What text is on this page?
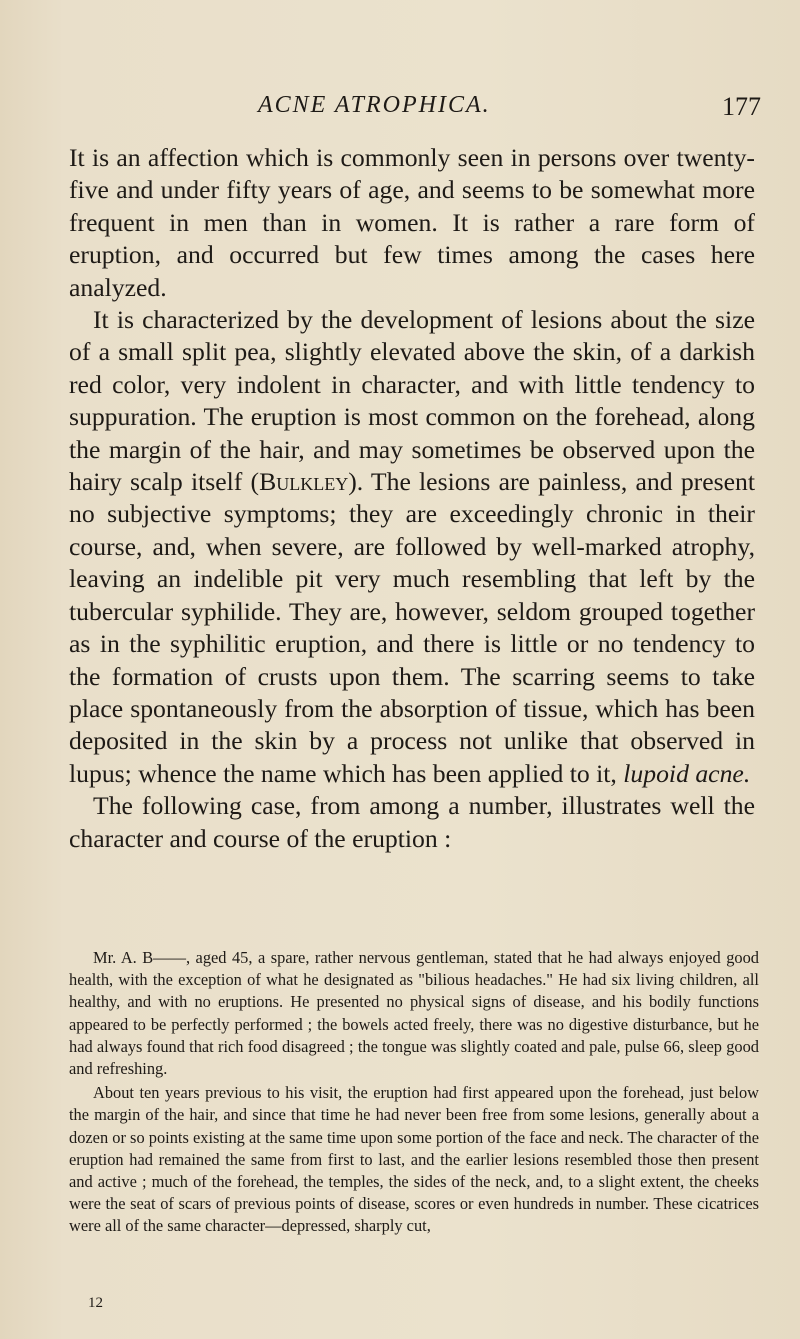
ACNE ATROPHICA.	177

It is an affection which is commonly seen in persons over twenty-five and under fifty years of age, and seems to be somewhat more frequent in men than in women. It is rather a rare form of eruption, and occurred but few times among the cases here analyzed.

It is characterized by the development of lesions about the size of a small split pea, slightly elevated above the skin, of a darkish red color, very indolent in character, and with little tendency to suppuration. The eruption is most common on the forehead, along the margin of the hair, and may sometimes be observed upon the hairy scalp itself (Bulkley). The lesions are painless, and present no subjective symptoms; they are exceedingly chronic in their course, and, when severe, are followed by well-marked atrophy, leaving an indelible pit very much resembling that left by the tubercular syphilide. They are, however, seldom grouped together as in the syphilitic eruption, and there is little or no tendency to the formation of crusts upon them. The scarring seems to take place spontaneously from the absorption of tissue, which has been deposited in the skin by a process not unlike that observed in lupus; whence the name which has been applied to it, lupoid acne.

The following case, from among a number, illustrates well the character and course of the eruption :

Mr. A. B——, aged 45, a spare, rather nervous gentleman, stated that he had always enjoyed good health, with the exception of what he designated as "bilious headaches." He had six living children, all healthy, and with no eruptions. He presented no physical signs of disease, and his bodily functions appeared to be perfectly performed ; the bowels acted freely, there was no digestive disturbance, but he had always found that rich food disagreed ; the tongue was slightly coated and pale, pulse 66, sleep good and refreshing.

About ten years previous to his visit, the eruption had first appeared upon the forehead, just below the margin of the hair, and since that time he had never been free from some lesions, generally about a dozen or so points existing at the same time upon some portion of the face and neck. The character of the eruption had remained the same from first to last, and the earlier lesions resembled those then present and active ; much of the forehead, the temples, the sides of the neck, and, to a slight extent, the cheeks were the seat of scars of previous points of disease, scores or even hundreds in number. These cicatrices were all of the same character—depressed, sharply cut,

12
